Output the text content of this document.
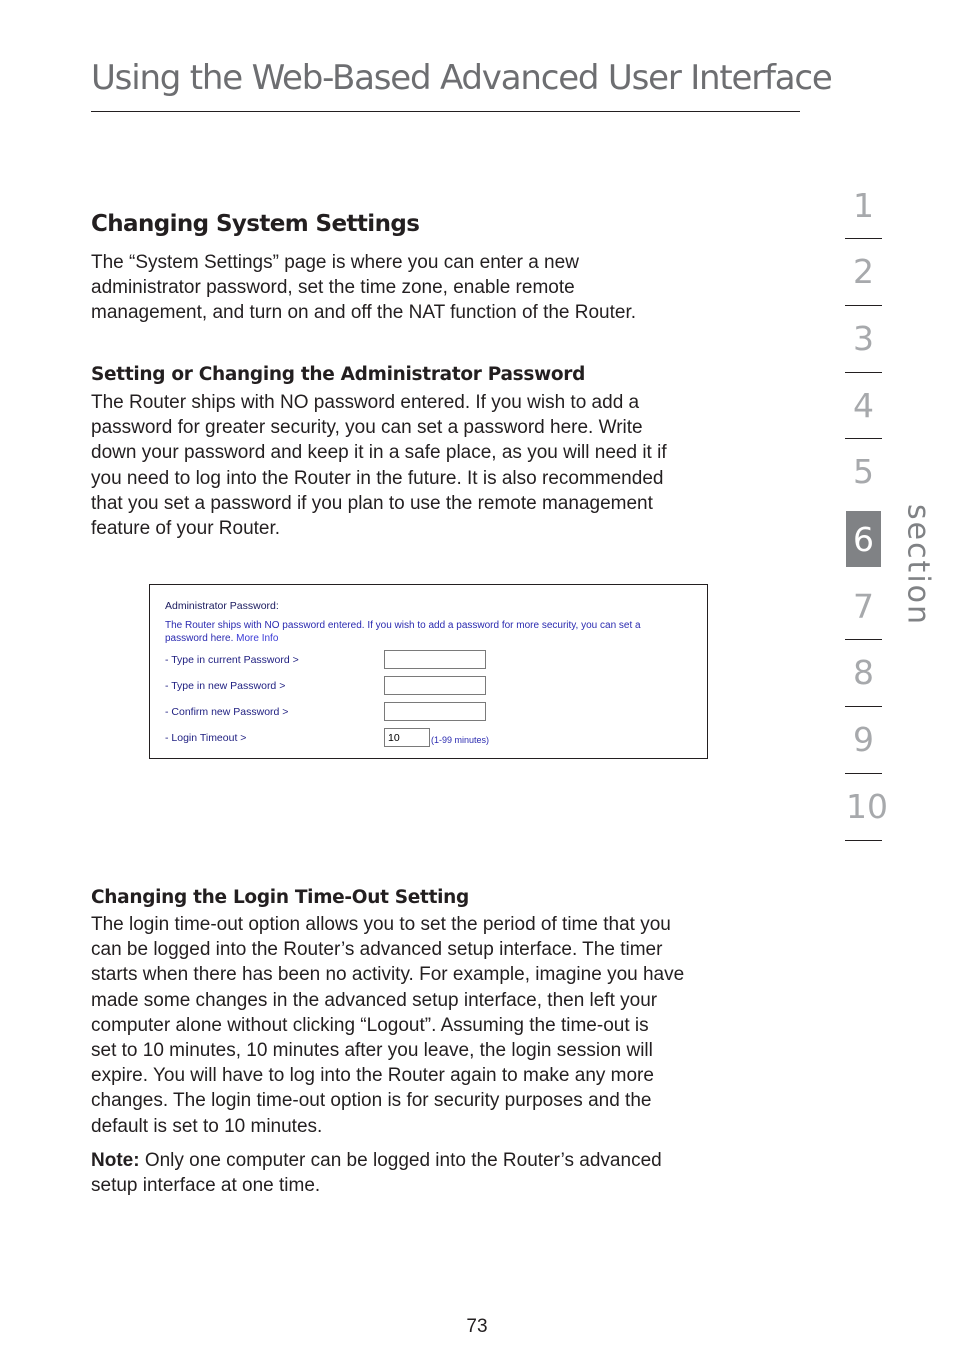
Using the Web-Based Advanced User Interface
Changing System Settings
The “System Settings” page is where you can enter a new
administrator password, set the time zone, enable remote
management, and turn on and off the NAT function of the Router.
Setting or Changing the Administrator Password
The Router ships with NO password entered. If you wish to add a
password for greater security, you can set a password here. Write
down your password and keep it in a safe place, as you will need it if
you need to log into the Router in the future. It is also recommended
that you set a password if you plan to use the remote management
feature of your Router.
Administrator Password:
The Router ships with NO password entered. If you wish to add a password for more security, you can set a
password here. More Info
- Type in current Password >
- Type in new Password >
- Confirm new Password >
- Login Timeout >
10	(1-99 minutes)
Changing the Login Time-Out Setting
The login time-out option allows you to set the period of time that you
can be logged into the Router’s advanced setup interface. The timer
starts when there has been no activity. For example, imagine you have
made some changes in the advanced setup interface, then left your
computer alone without clicking “Logout”. Assuming the time-out is
set to 10 minutes, 10 minutes after you leave, the login session will
expire. You will have to log into the Router again to make any more
changes. The login time-out option is for security purposes and the
default is set to 10 minutes.
Note: Only one computer can be logged into the Router’s advanced
setup interface at one time.
1
2
3
4
5
6
7
8
9
10
section
73
